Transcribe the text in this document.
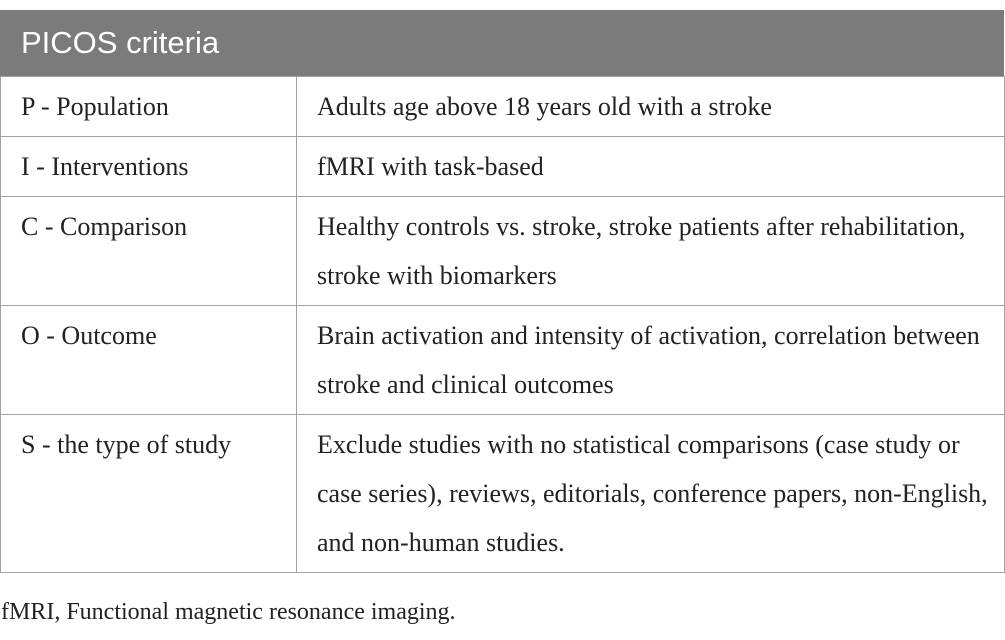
PICOS criteria
P - Population	Adults age above 18 years old with a stroke
I - Interventions	fMRI with task-based
C - Comparison	Healthy controls vs. stroke, stroke patients after rehabilitation, stroke with biomarkers
O - Outcome	Brain activation and intensity of activation, correlation between stroke and clinical outcomes
S - the type of study	Exclude studies with no statistical comparisons (case study or case series), reviews, editorials, conference papers, non-English, and non-human studies.
fMRI, Functional magnetic resonance imaging.
